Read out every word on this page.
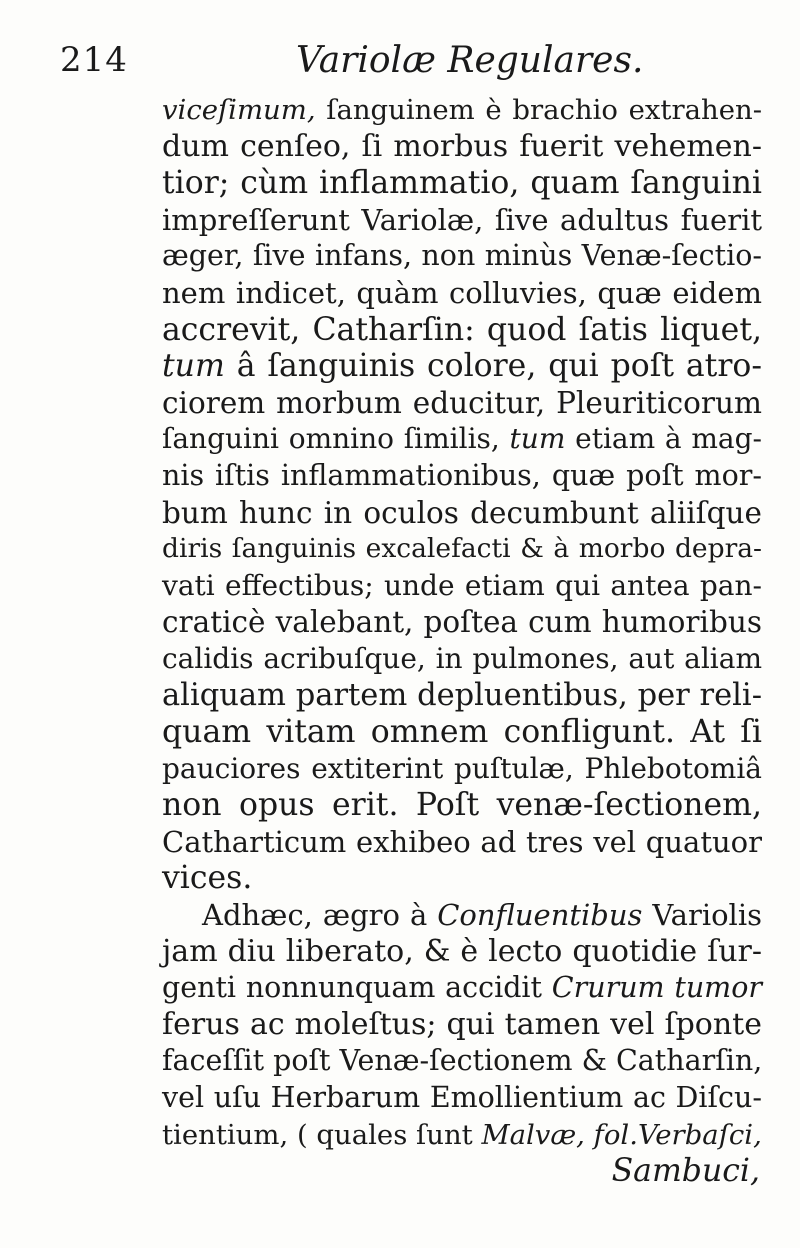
214	Variolæ Regulares.
viceſimum, ſanguinem è brachio extrahen-
dum cenſeo, ſi morbus fuerit vehemen-
tior; cùm inflammatio, quam ſanguini
impreſſerunt Variolæ, ſive adultus fuerit
æger, ſive infans, non minùs Venæ-ſectio-
nem indicet, quàm colluvies, quæ eidem
accrevit, Catharſin: quod ſatis liquet,
tum â ſanguinis colore, qui poſt atro-
ciorem morbum educitur, Pleuriticorum
ſanguini omnino ſimilis, tum etiam à mag-
nis iſtis inflammationibus, quæ poſt mor-
bum hunc in oculos decumbunt aliiſque
diris ſanguinis excalefacti & à morbo depra-
vati effectibus; unde etiam qui antea pan-
craticè valebant, poſtea cum humoribus
calidis acribuſque, in pulmones, aut aliam
aliquam partem depluentibus, per reli-
quam vitam omnem confligunt. At ſi
pauciores extiterint puſtulæ, Phlebotomiâ
non opus erit. Poſt venæ-ſectionem,
Catharticum exhibeo ad tres vel quatuor
vices.
Adhæc, ægro à Confluentibus Variolis
jam diu liberato, & è lecto quotidie ſur-
genti nonnunquam accidit Crurum tumor
ferus ac moleſtus; qui tamen vel ſponte
faceſſit poſt Venæ-ſectionem & Catharſin,
vel uſu Herbarum Emollientium ac Diſcu-
tientium, ( quales ſunt Malvæ, fol.Verbaſci,
Sambuci,
